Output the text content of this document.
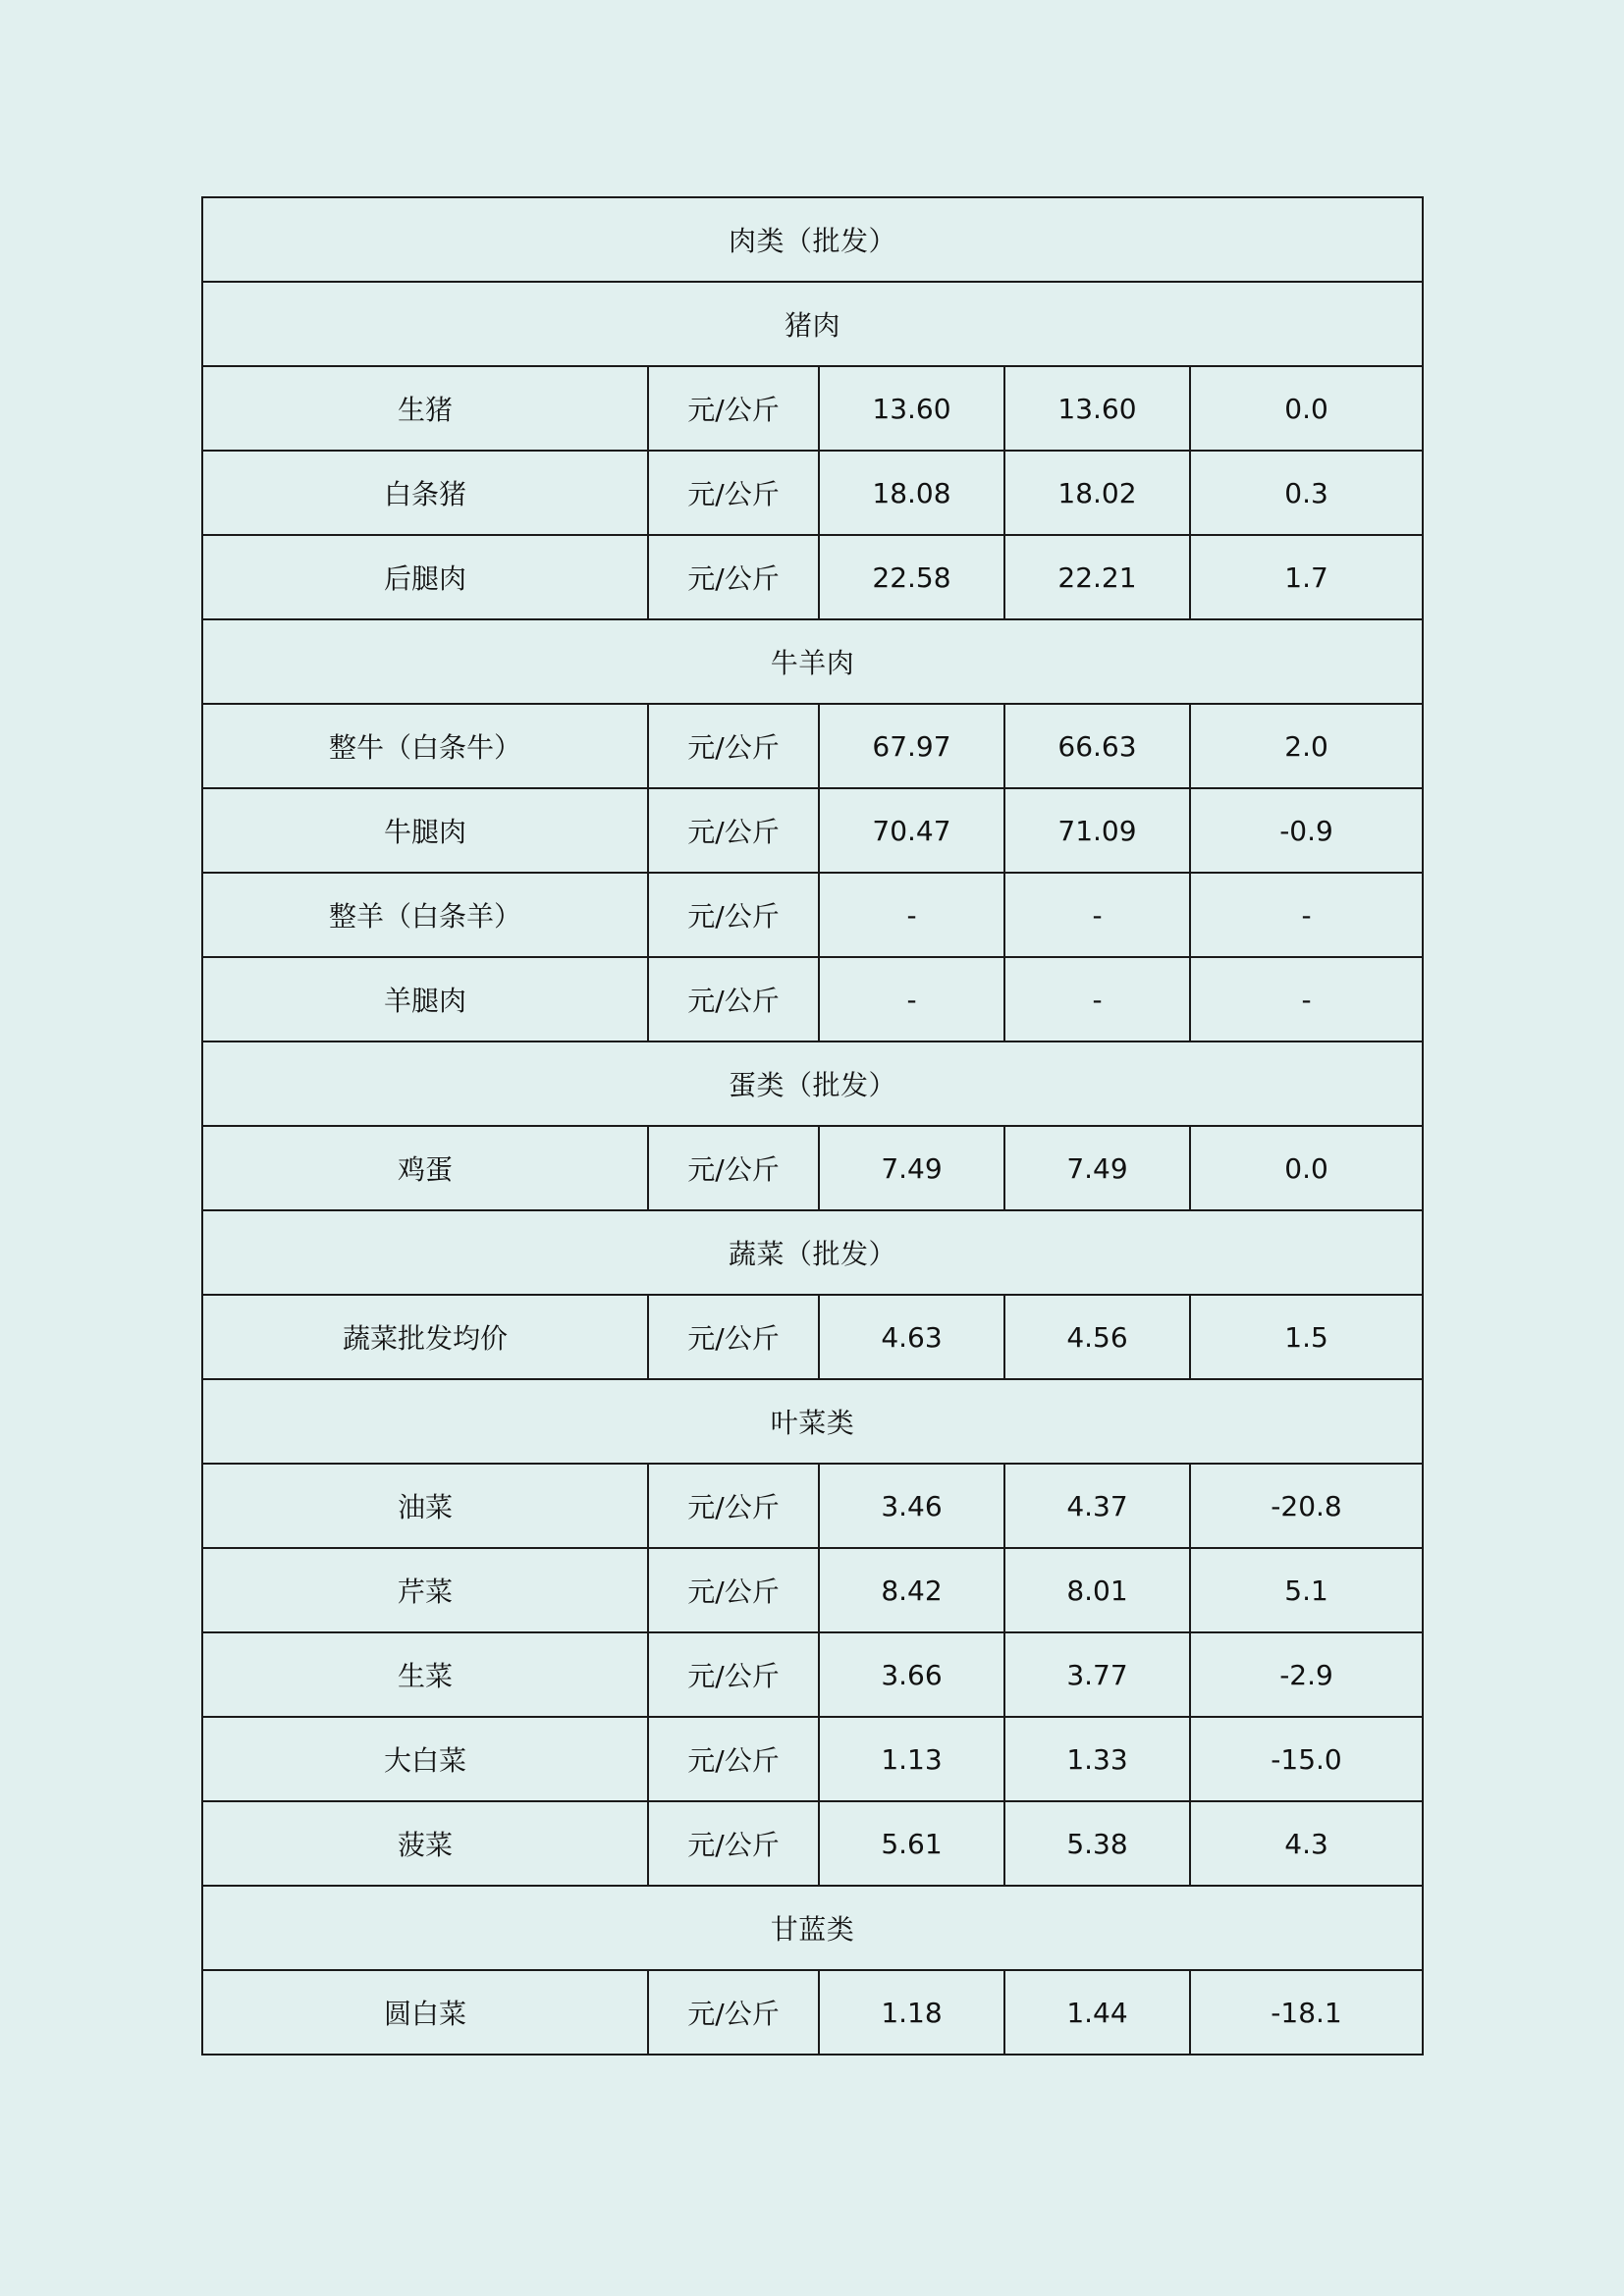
肉类（批发）				
猪肉				
生猪	元/公斤	13.60	13.60	0.0
白条猪	元/公斤	18.08	18.02	0.3
后腿肉	元/公斤	22.58	22.21	1.7
牛羊肉				
整牛（白条牛）	元/公斤	67.97	66.63	2.0
牛腿肉	元/公斤	70.47	71.09	-0.9
整羊（白条羊）	元/公斤	-	-	-
羊腿肉	元/公斤	-	-	-
蛋类（批发）				
鸡蛋	元/公斤	7.49	7.49	0.0
蔬菜（批发）				
蔬菜批发均价	元/公斤	4.63	4.56	1.5
叶菜类				
油菜	元/公斤	3.46	4.37	-20.8
芹菜	元/公斤	8.42	8.01	5.1
生菜	元/公斤	3.66	3.77	-2.9
大白菜	元/公斤	1.13	1.33	-15.0
菠菜	元/公斤	5.61	5.38	4.3
甘蓝类				
圆白菜	元/公斤	1.18	1.44	-18.1
